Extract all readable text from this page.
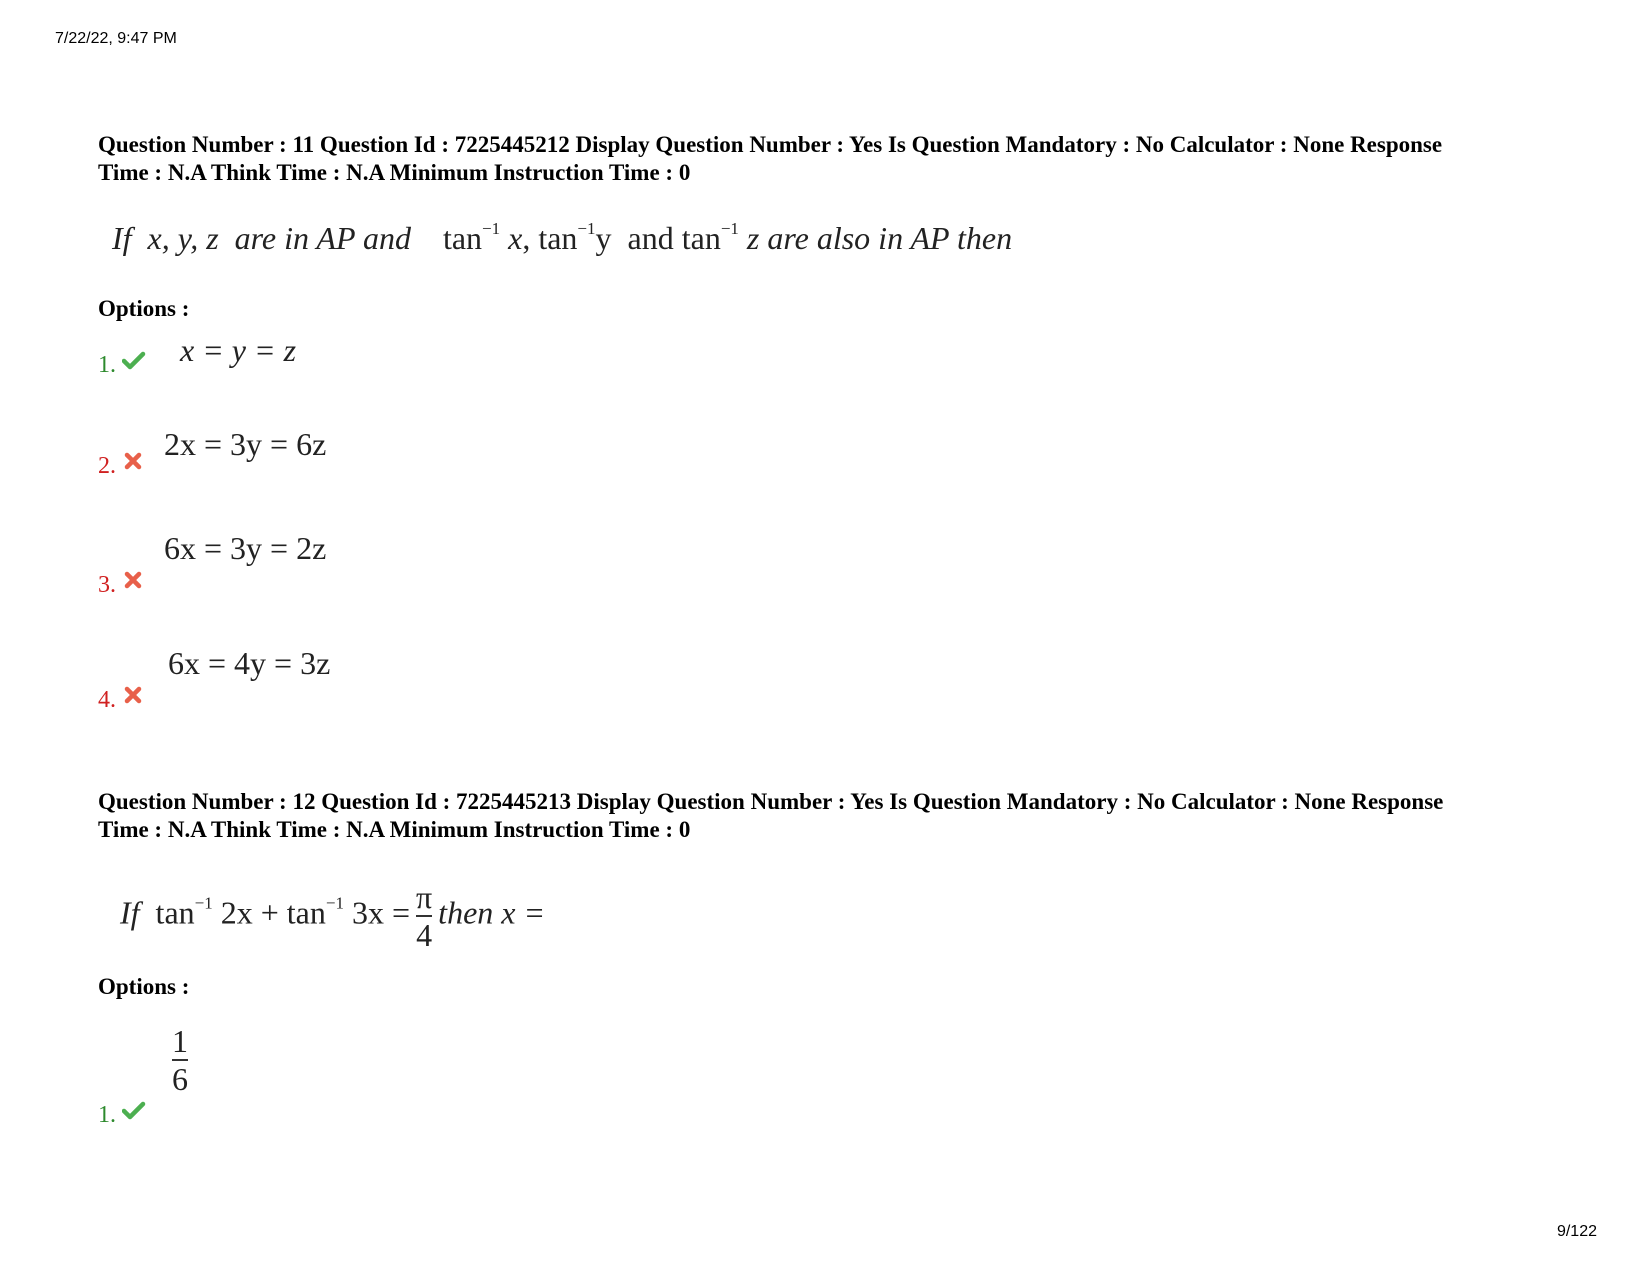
7/22/22, 9:47 PM
Question Number : 11 Question Id : 7225445212 Display Question Number : Yes Is Question Mandatory : No Calculator : None Response
Time : N.A Think Time : N.A Minimum Instruction Time : 0
If x, y, z are in AP and $\tan^{-1} x$, $\tan^{-1}y$ and $\tan^{-1} z$ are also in AP then
Options :
1. x = y = z
2.
2x = 3y = 6z
3.
6x = 3y = 2z
4.
6x = 4y = 3z
Question Number : 12 Question Id : 7225445213 Display Question Number : Yes Is Question Mandatory : No Calculator : None Response
Time : N.A Think Time : N.A Minimum Instruction Time : 0
If $\tan^{-1} 2x + \tan^{-1} 3x = \frac{\pi}{4}$ then x =
Options :
1.
$\frac{1}{6}$
9/122
